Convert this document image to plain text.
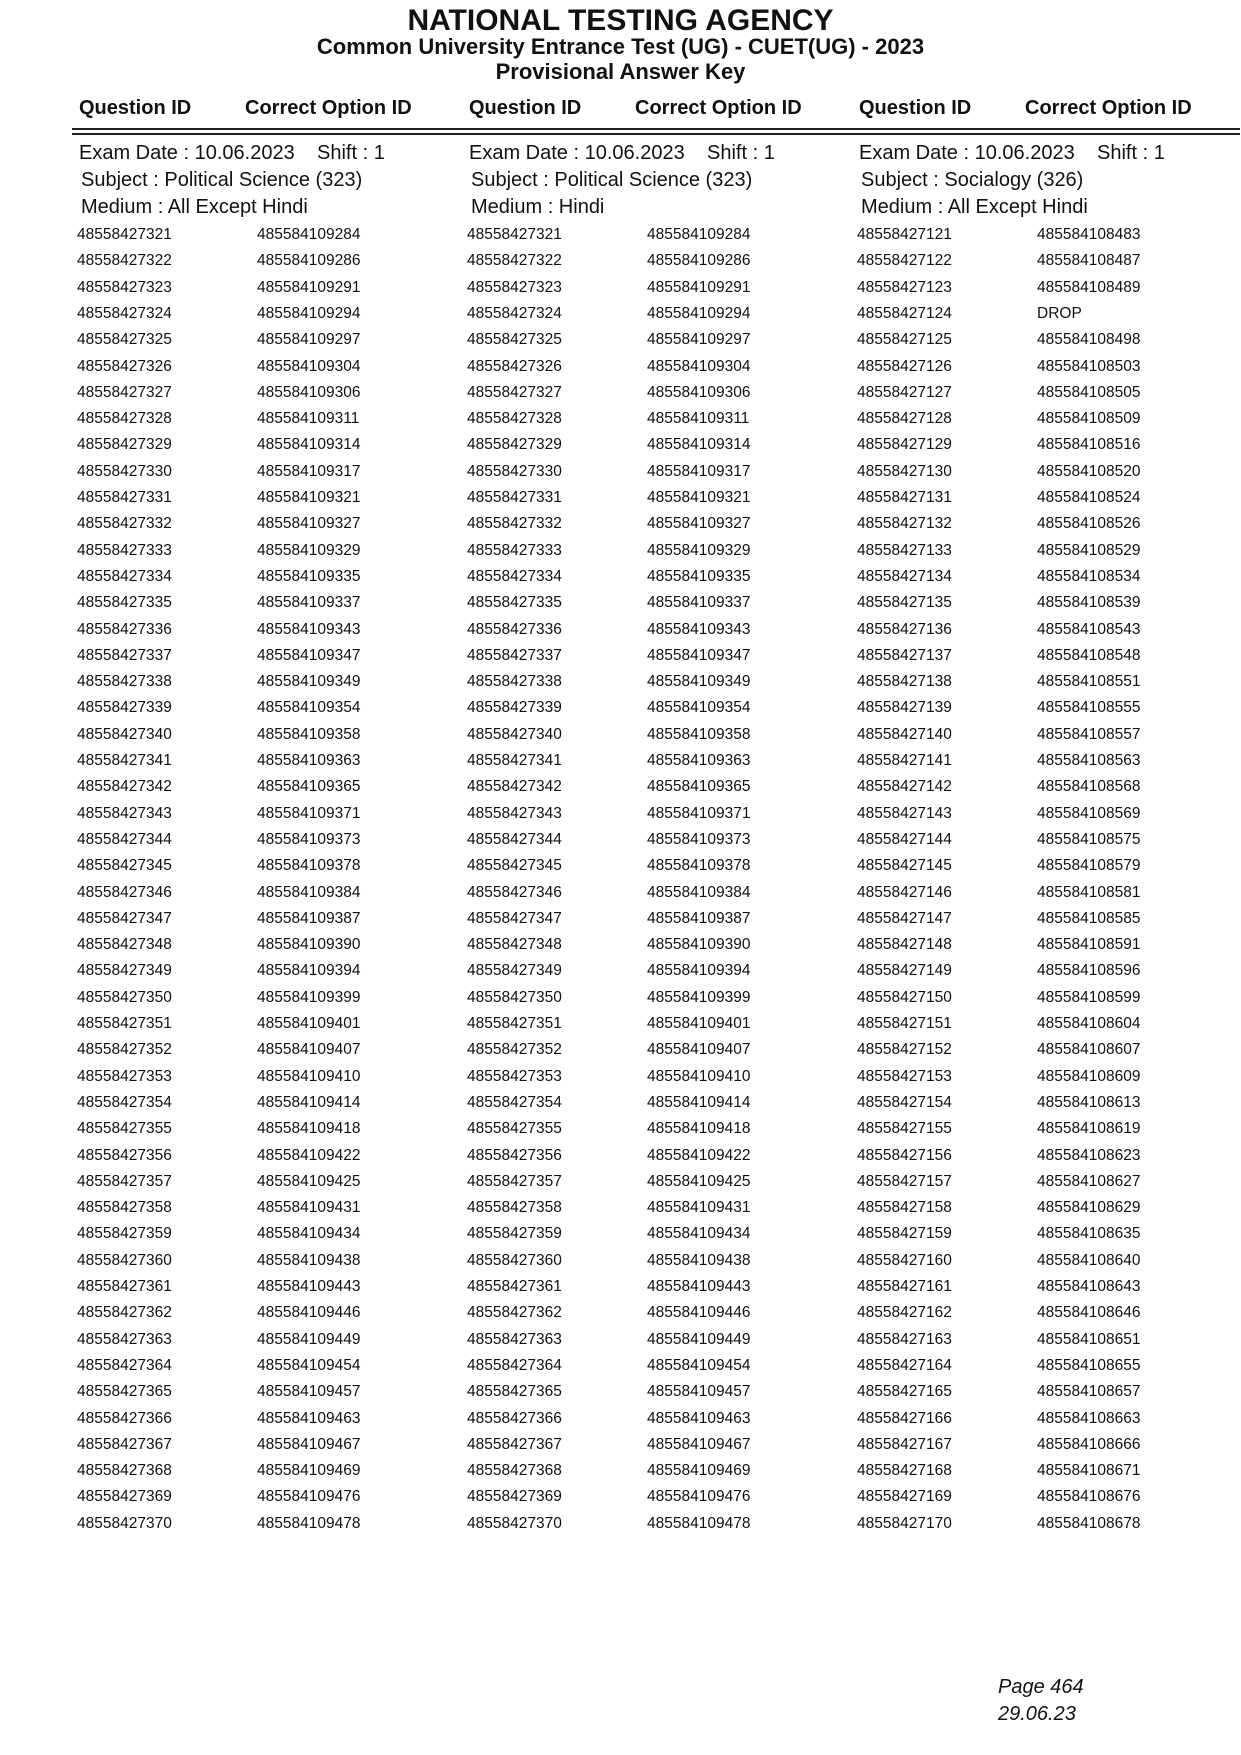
NATIONAL TESTING AGENCY
Common University Entrance Test (UG) - CUET(UG) - 2023
Provisional Answer Key
Question ID	Correct Option ID	Question ID	Correct Option ID	Question ID	Correct Option ID
Exam Date : 10.06.2023 Shift : 1
Subject : Political Science (323)
Medium : All Except Hindi
48558427321	485584109284
48558427322	485584109286
48558427323	485584109291
48558427324	485584109294
48558427325	485584109297
48558427326	485584109304
48558427327	485584109306
48558427328	485584109311
48558427329	485584109314
48558427330	485584109317
48558427331	485584109321
48558427332	485584109327
48558427333	485584109329
48558427334	485584109335
48558427335	485584109337
48558427336	485584109343
48558427337	485584109347
48558427338	485584109349
48558427339	485584109354
48558427340	485584109358
48558427341	485584109363
48558427342	485584109365
48558427343	485584109371
48558427344	485584109373
48558427345	485584109378
48558427346	485584109384
48558427347	485584109387
48558427348	485584109390
48558427349	485584109394
48558427350	485584109399
48558427351	485584109401
48558427352	485584109407
48558427353	485584109410
48558427354	485584109414
48558427355	485584109418
48558427356	485584109422
48558427357	485584109425
48558427358	485584109431
48558427359	485584109434
48558427360	485584109438
48558427361	485584109443
48558427362	485584109446
48558427363	485584109449
48558427364	485584109454
48558427365	485584109457
48558427366	485584109463
48558427367	485584109467
48558427368	485584109469
48558427369	485584109476
48558427370	485584109478
Exam Date : 10.06.2023 Shift : 1
Subject : Political Science (323)
Medium : Hindi
48558427321	485584109284
48558427322	485584109286
48558427323	485584109291
48558427324	485584109294
48558427325	485584109297
48558427326	485584109304
48558427327	485584109306
48558427328	485584109311
48558427329	485584109314
48558427330	485584109317
48558427331	485584109321
48558427332	485584109327
48558427333	485584109329
48558427334	485584109335
48558427335	485584109337
48558427336	485584109343
48558427337	485584109347
48558427338	485584109349
48558427339	485584109354
48558427340	485584109358
48558427341	485584109363
48558427342	485584109365
48558427343	485584109371
48558427344	485584109373
48558427345	485584109378
48558427346	485584109384
48558427347	485584109387
48558427348	485584109390
48558427349	485584109394
48558427350	485584109399
48558427351	485584109401
48558427352	485584109407
48558427353	485584109410
48558427354	485584109414
48558427355	485584109418
48558427356	485584109422
48558427357	485584109425
48558427358	485584109431
48558427359	485584109434
48558427360	485584109438
48558427361	485584109443
48558427362	485584109446
48558427363	485584109449
48558427364	485584109454
48558427365	485584109457
48558427366	485584109463
48558427367	485584109467
48558427368	485584109469
48558427369	485584109476
48558427370	485584109478
Exam Date : 10.06.2023 Shift : 1
Subject : Socialogy (326)
Medium : All Except Hindi
48558427121	485584108483
48558427122	485584108487
48558427123	485584108489
48558427124	DROP
48558427125	485584108498
48558427126	485584108503
48558427127	485584108505
48558427128	485584108509
48558427129	485584108516
48558427130	485584108520
48558427131	485584108524
48558427132	485584108526
48558427133	485584108529
48558427134	485584108534
48558427135	485584108539
48558427136	485584108543
48558427137	485584108548
48558427138	485584108551
48558427139	485584108555
48558427140	485584108557
48558427141	485584108563
48558427142	485584108568
48558427143	485584108569
48558427144	485584108575
48558427145	485584108579
48558427146	485584108581
48558427147	485584108585
48558427148	485584108591
48558427149	485584108596
48558427150	485584108599
48558427151	485584108604
48558427152	485584108607
48558427153	485584108609
48558427154	485584108613
48558427155	485584108619
48558427156	485584108623
48558427157	485584108627
48558427158	485584108629
48558427159	485584108635
48558427160	485584108640
48558427161	485584108643
48558427162	485584108646
48558427163	485584108651
48558427164	485584108655
48558427165	485584108657
48558427166	485584108663
48558427167	485584108666
48558427168	485584108671
48558427169	485584108676
48558427170	485584108678
Page 464
29.06.23
